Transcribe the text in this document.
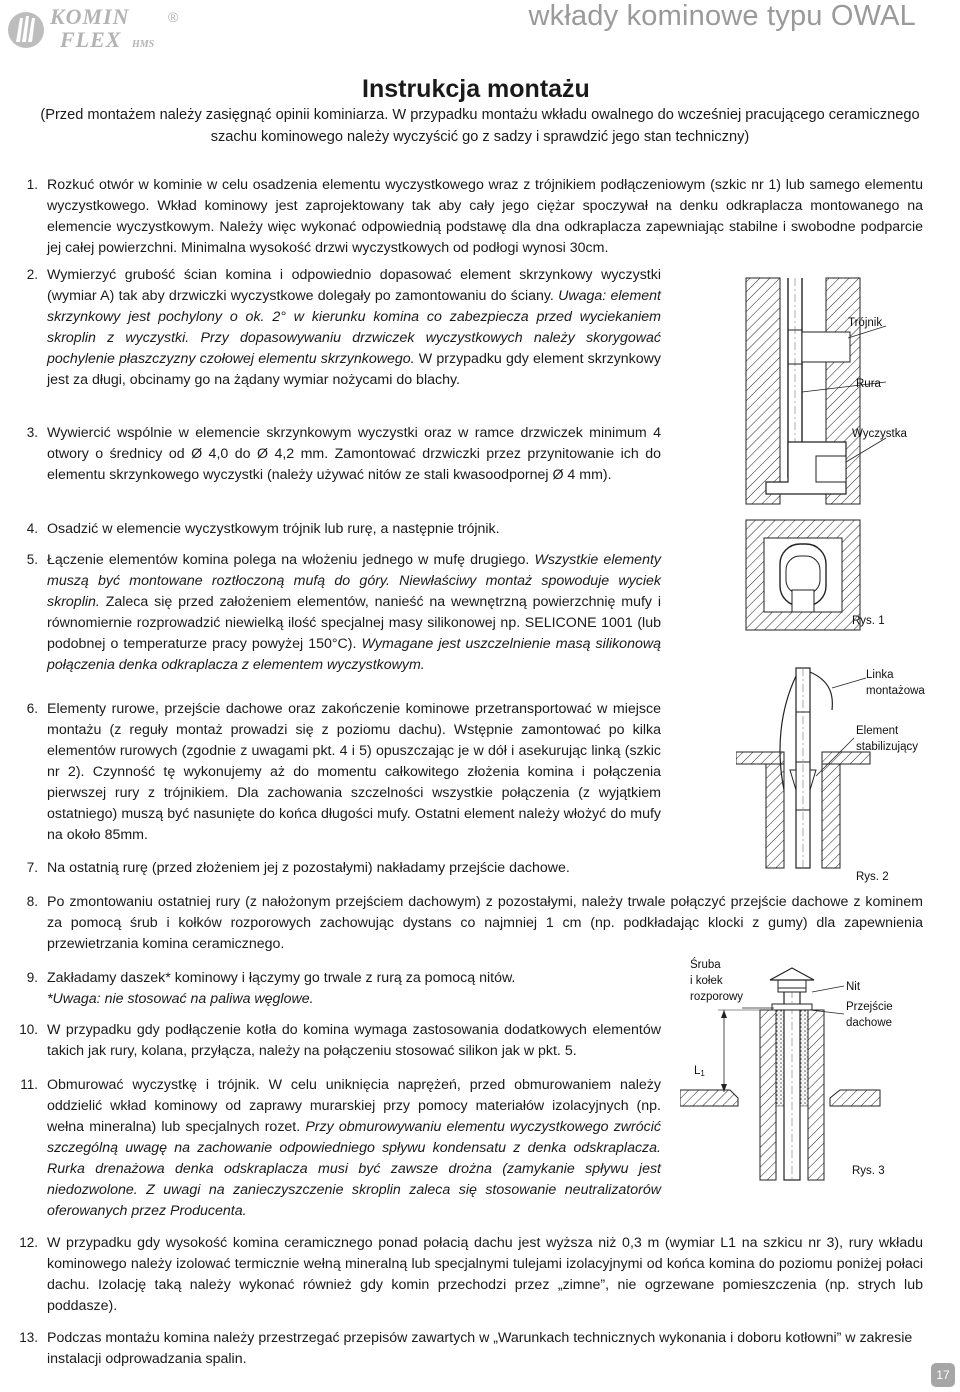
KOMIN
FLEX HMS
®	wkłady kominowe typu OWAL
Instrukcja montażu

(Przed montażem należy zasięgnąć opinii kominiarza. W przypadku montażu wkładu owalnego do wcześniej pracującego ceramicznego szachu kominowego należy wyczyścić go z sadzy i sprawdzić jego stan techniczny)

1. Rozkuć otwór w kominie w celu osadzenia elementu wyczystkowego wraz z trójnikiem podłączeniowym (szkic nr 1) lub samego elementu wyczystkowego. Wkład kominowy jest zaprojektowany tak aby cały jego ciężar spoczywał na denku odkraplacza montowanego na elemencie wyczystkowym. Należy więc wykonać odpowiednią podstawę dla dna odkraplacza zapewniając stabilne i swobodne podparcie jej całej powierzchni. Minimalna wysokość drzwi wyczystkowych od podłogi wynosi 30cm.

2. Wymierzyć grubość ścian komina i odpowiednio dopasować element skrzynkowy wyczystki (wymiar A) tak aby drzwiczki wyczystkowe dolegały po zamontowaniu do ściany. Uwaga: element skrzynkowy jest pochylony o ok. 2° w kierunku komina co zabezpiecza przed wyciekaniem skroplin z wyczystki. Przy dopasowywaniu drzwiczek wyczystkowych należy skorygować pochylenie płaszczyzny czołowej elementu skrzynkowego. W przypadku gdy element skrzynkowy jest za długi, obcinamy go na żądany wymiar nożycami do blachy.

3. Wywiercić wspólnie w elemencie skrzynkowym wyczystki oraz w ramce drzwiczek minimum 4 otwory o średnicy od Ø 4,0 do Ø 4,2 mm. Zamontować drzwiczki przez przynitowanie ich do elementu skrzynkowego wyczystki (należy używać nitów ze stali kwasoodpornej Ø 4 mm).

4. Osadzić w elemencie wyczystkowym trójnik lub rurę, a następnie trójnik.

5. Łączenie elementów komina polega na włożeniu jednego w mufę drugiego. Wszystkie elementy muszą być montowane roztłoczoną mufą do góry. Niewłaściwy montaż spowoduje wyciek skroplin. Zaleca się przed założeniem elementów, nanieść na wewnętrzną powierzchnię mufy i równomiernie rozprowadzić niewielką ilość specjalnej masy silikonowej np. SELICONE 1001 (lub podobnej o temperaturze pracy powyżej 150°C). Wymagane jest uszczelnienie masą silikonową połączenia denka odkraplacza z elementem wyczystkowym.

6. Elementy rurowe, przejście dachowe oraz zakończenie kominowe przetransportować w miejsce montażu (z reguły montaż prowadzi się z poziomu dachu). Wstępnie zamontować po kilka elementów rurowych (zgodnie z uwagami pkt. 4 i 5) opuszczając je w dół i asekurując linką (szkic nr 2). Czynność tę wykonujemy aż do momentu całkowitego złożenia komina i połączenia pierwszej rury z trójnikiem. Dla zachowania szczelności wszystkie połączenia (z wyjątkiem ostatniego) muszą być nasunięte do końca długości mufy. Ostatni element należy włożyć do mufy na około 85mm.

7. Na ostatnią rurę (przed złożeniem jej z pozostałymi) nakładamy przejście dachowe.

8. Po zmontowaniu ostatniej rury (z nałożonym przejściem dachowym) z pozostałymi, należy trwale połączyć przejście dachowe z kominem za pomocą śrub i kołków rozporowych zachowując dystans co najmniej 1 cm (np. podkładając klocki z gumy) dla zapewnienia przewietrzania komina ceramicznego.

9. Zakładamy daszek* kominowy i łączymy go trwale z rurą za pomocą nitów.
*Uwaga: nie stosować na paliwa węglowe.

10. W przypadku gdy podłączenie kotła do komina wymaga zastosowania dodatkowych elementów takich jak rury, kolana, przyłącza, należy na połączeniu stosować silikon jak w pkt. 5.

11. Obmurować wyczystkę i trójnik. W celu uniknięcia naprężeń, przed obmurowaniem należy oddzielić wkład kominowy od zaprawy murarskiej przy pomocy materiałów izolacyjnych (np. wełna mineralna) lub specjalnych rozet. Przy obmurowywaniu elementu wyczystkowego zwrócić szczególną uwagę na zachowanie odpowiedniego spływu kondensatu z denka odskraplacza. Rurka drenażowa denka odskraplacza musi być zawsze drożna (zamykanie spływu jest niedozwolone. Z uwagi na zanieczyszczenie skroplin zaleca się stosowanie neutralizatorów oferowanych przez Producenta.

12. W przypadku gdy wysokość komina ceramicznego ponad połacią dachu jest wyższa niż 0,3 m (wymiar L1 na szkicu nr 3), rury wkładu kominowego należy izolować termicznie wełną mineralną lub specjalnymi tulejami izolacyjnymi od końca komina do poziomu poniżej połaci dachu. Izolację taką należy wykonać również gdy komin przechodzi przez „zimne”, nie ogrzewane pomieszczenia (np. strych lub poddasze).

13. Podczas montażu komina należy przestrzegać przepisów zawartych w „Warunkach technicznych wykonania i doboru kotłowni” w zakresie instalacji odprowadzania spalin.

Trójnik
Rura
Wyczystka
Rys. 1
Linka
montażowa
Element
stabilizujący
Rys. 2
L1
Śruba
i kołek
rozporowy
Nit
Przejście
dachowe
Rys. 3
17
